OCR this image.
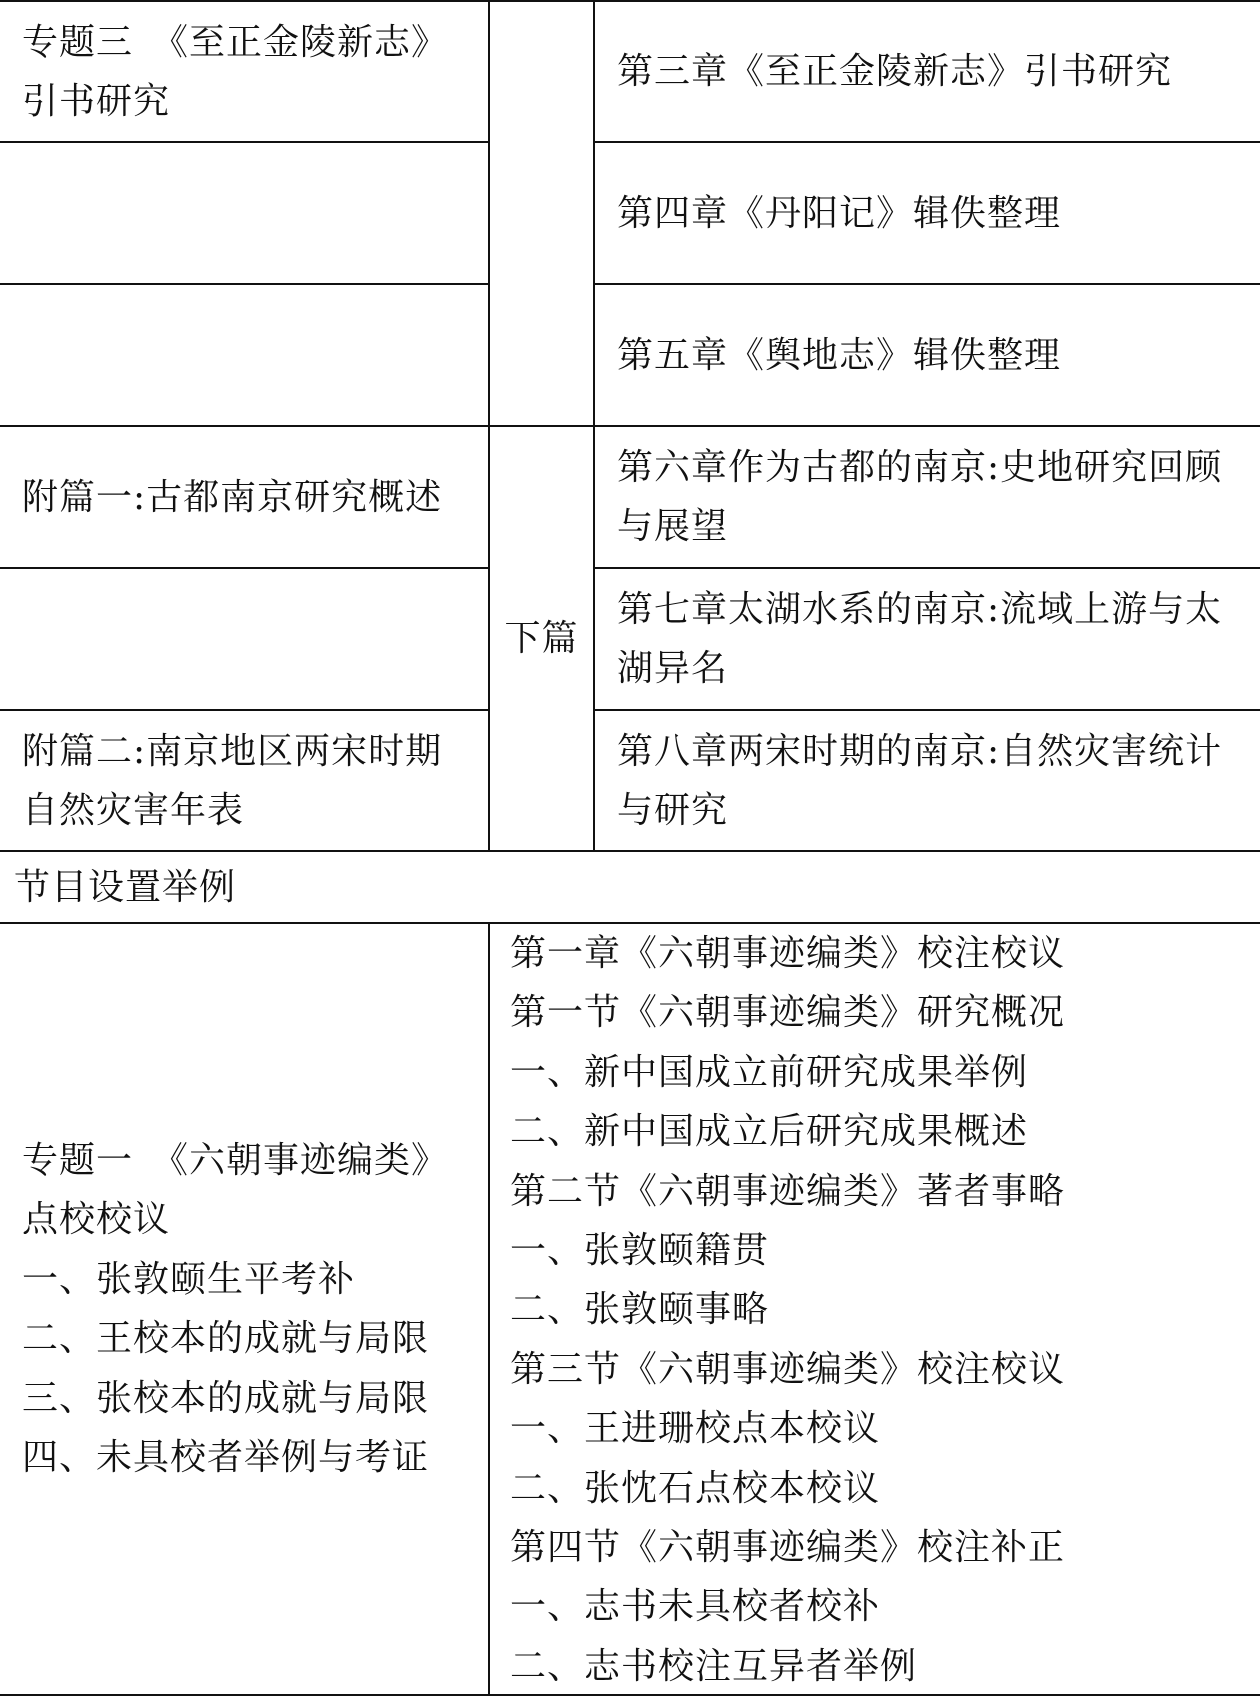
专题三　《至正金陵新志》
引书研究
附篇一:古都南京研究概述
附篇二:南京地区两宋时期
自然灾害年表
下篇
第三章《至正金陵新志》引书研究
第四章《丹阳记》辑佚整理
第五章《舆地志》辑佚整理
第六章作为古都的南京:史地研究回顾
与展望
第七章太湖水系的南京:流域上游与太
湖异名
第八章两宋时期的南京:自然灾害统计
与研究
节目设置举例
专题一　《六朝事迹编类》
点校校议
一、张敦颐生平考补
二、王校本的成就与局限
三、张校本的成就与局限
四、未具校者举例与考证
第一章《六朝事迹编类》校注校议
第一节《六朝事迹编类》研究概况
一、新中国成立前研究成果举例
二、新中国成立后研究成果概述
第二节《六朝事迹编类》著者事略
一、张敦颐籍贯
二、张敦颐事略
第三节《六朝事迹编类》校注校议
一、王进珊校点本校议
二、张忱石点校本校议
第四节《六朝事迹编类》校注补正
一、志书未具校者校补
二、志书校注互异者举例
